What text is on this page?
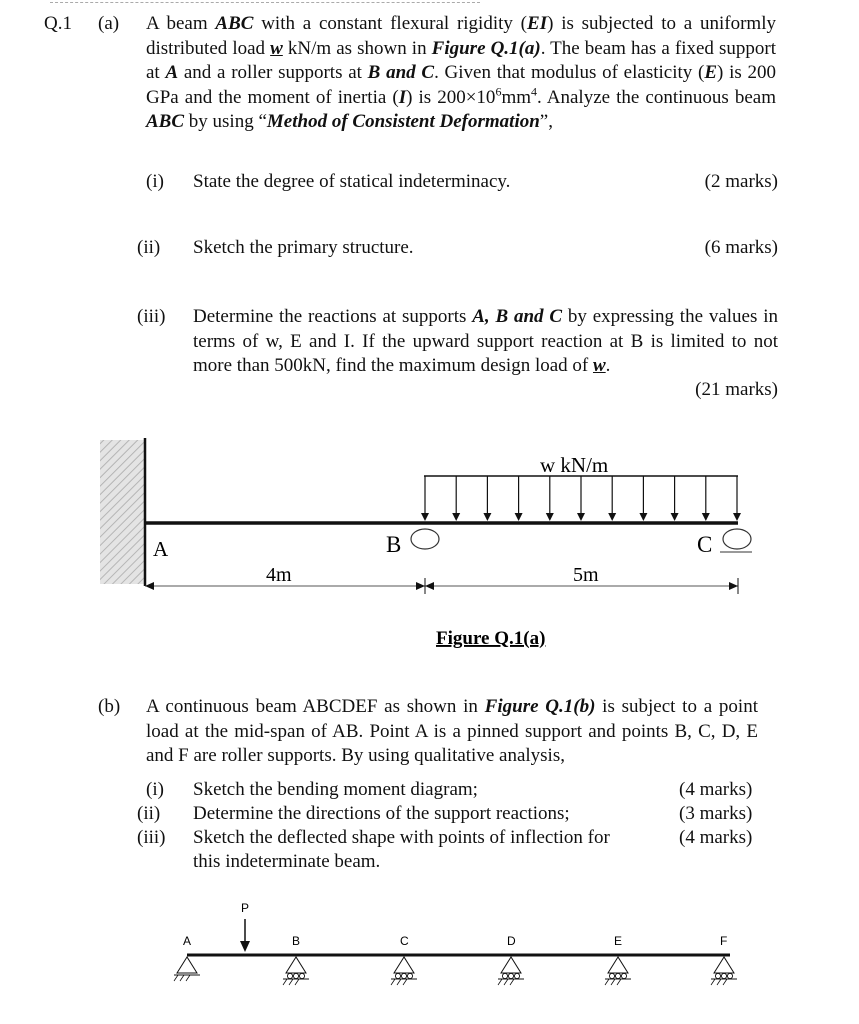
Q.1 (a) A beam ABC with a constant flexural rigidity (EI) is subjected to a uniformly distributed load w kN/m as shown in Figure Q.1(a). The beam has a fixed support at A and a roller supports at B and C. Given that modulus of elasticity (E) is 200 GPa and the moment of inertia (I) is $200\times 10^6mm^4$. Analyze the continuous beam ABC by using “Method of Consistent Deformation”,

(i) State the degree of statical indeterminacy.	(2 marks)
(ii) Sketch the primary structure.	(6 marks)
(iii) Determine the reactions at supports A, B and C by expressing the values in terms of w, E and I. If the upward support reaction at B is limited to not more than 500kN, find the maximum design load of w.

(21 marks)
w kN/m
A	B	C
4m	5m
Figure Q.1(a)
(b) A continuous beam ABCDEF as shown in Figure Q.1(b) is subject to a point load at the mid-span of AB. Point A is a pinned support and points B, C, D, E and F are roller supports. By using qualitative analysis,

(i) Sketch the bending moment diagram;	(4 marks)
(ii) Determine the directions of the support reactions;	(3 marks)
(iii) Sketch the deflected shape with points of inflection for
this indeterminate beam.
(4 marks)
P
A	B	C	D	E	F
